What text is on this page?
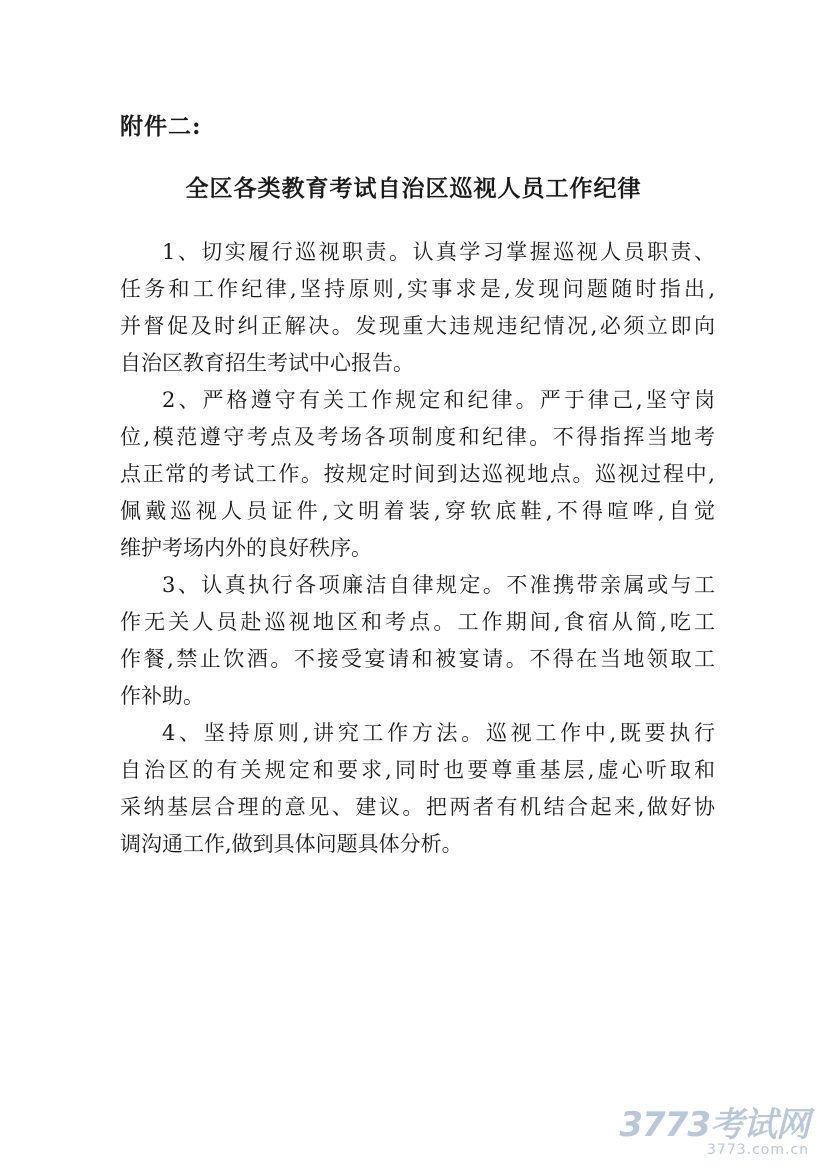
附件二:
全区各类教育考试自治区巡视人员工作纪律
1、切实履行巡视职责。认真学习掌握巡视人员职责、
任务和工作纪律,坚持原则,实事求是,发现问题随时指出,
并督促及时纠正解决。发现重大违规违纪情况,必须立即向
自治区教育招生考试中心报告。
2、严格遵守有关工作规定和纪律。严于律己,坚守岗
位,模范遵守考点及考场各项制度和纪律。不得指挥当地考
点正常的考试工作。按规定时间到达巡视地点。巡视过程中,
佩戴巡视人员证件,文明着装,穿软底鞋,不得喧哗,自觉
维护考场内外的良好秩序。
3、认真执行各项廉洁自律规定。不准携带亲属或与工
作无关人员赴巡视地区和考点。工作期间,食宿从简,吃工
作餐,禁止饮酒。不接受宴请和被宴请。不得在当地领取工
作补助。
4、坚持原则,讲究工作方法。巡视工作中,既要执行
自治区的有关规定和要求,同时也要尊重基层,虚心听取和
采纳基层合理的意见、建议。把两者有机结合起来,做好协
调沟通工作,做到具体问题具体分析。
3773考试网
3773.com.cn
